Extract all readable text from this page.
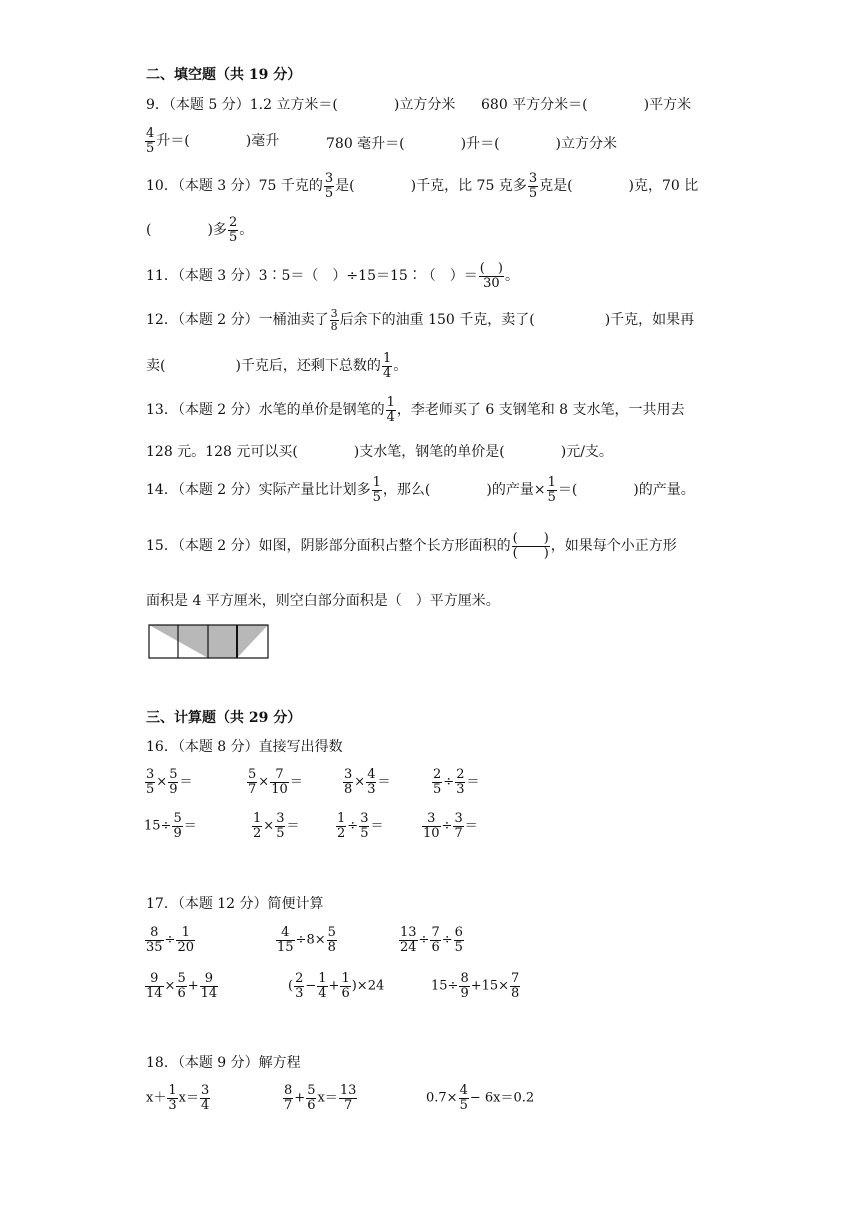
二、填空题（共 19 分）
9．（本题 5 分）1.2 立方米＝(　　　　)立方分米 680 平方分米＝(　　　　)平方米
$\frac{4}{5}$ 升＝(　　　　)毫升	780 毫升＝(　　　　)升＝(　　　　)立方分米
10．（本题 3 分）75 千克的 $\frac{3}{5}$ 是(　　　　)千克，比 75 克多 $\frac{3}{5}$ 克是(　　　　)克，70 比
(　　　　)多 $\frac{2}{5}$ 。
11．（本题 3 分）3∶5＝（　）÷15＝15∶（　）＝ $\frac{( )}{30}$ 。
12．（本题 2 分）一桶油卖了 $\frac{3}{8}$ 后余下的油重 150 千克，卖了(　　　　　)千克，如果再
卖(　　　　　)千克后，还剩下总数的 $\frac{1}{4}$ 。
13．（本题 2 分）水笔的单价是钢笔的 $\frac{1}{4}$ ，李老师买了 6 支钢笔和 8 支水笔，一共用去
128 元。128 元可以买(　　　　)支水笔，钢笔的单价是(　　　　)元/支。
14．（本题 2 分）实际产量比计划多 $\frac{1}{5}$ ，那么(　　　　)的产量× $\frac{1}{5}$ ＝(　　　　)的产量。
15．（本题 2 分）如图，阴影部分面积占整个长方形面积的 $\frac{( )}{( )}$ ，如果每个小正方形
面积是 4 平方厘米，则空白部分面积是（　）平方厘米。
三、计算题（共 29 分）
16．（本题 8 分）直接写出得数
$\frac{3}{5} \times \frac{5}{9}$ ＝	$\frac{5}{7} \times \frac{7}{10}$ ＝	$\frac{3}{8} \times \frac{4}{3}$ ＝	$\frac{2}{5} \div \frac{2}{3}$ ＝
$15\div \frac{5}{9}$ ＝	$\frac{1}{2} \times \frac{3}{5}$ ＝	$\frac{1}{2} \div \frac{3}{5}$ ＝	$\frac{3}{10} \div \frac{3}{7}$ ＝
17．（本题 12 分）简便计算
$\frac{8}{35} \div \frac{1}{20}$	$\frac{4}{15} \div 8\times \frac{5}{8}$	$\frac{13}{24} \div \frac{7}{6} \div \frac{6}{5}$
$\frac{9}{14} \times \frac{5}{6} + \frac{9}{14}$	( $\frac{2}{3} - \frac{1}{4} + \frac{1}{6} )\times 24$	$15\div \frac{8}{9} +15\times \frac{7}{8}$
18．（本题 9 分）解方程
$x+ \frac{1}{3} x= \frac{3}{4}$	$\frac{8}{7} + \frac{5}{6} x= \frac{13}{7}$	$0.7\times \frac{4}{5} - 6x=0.2$
